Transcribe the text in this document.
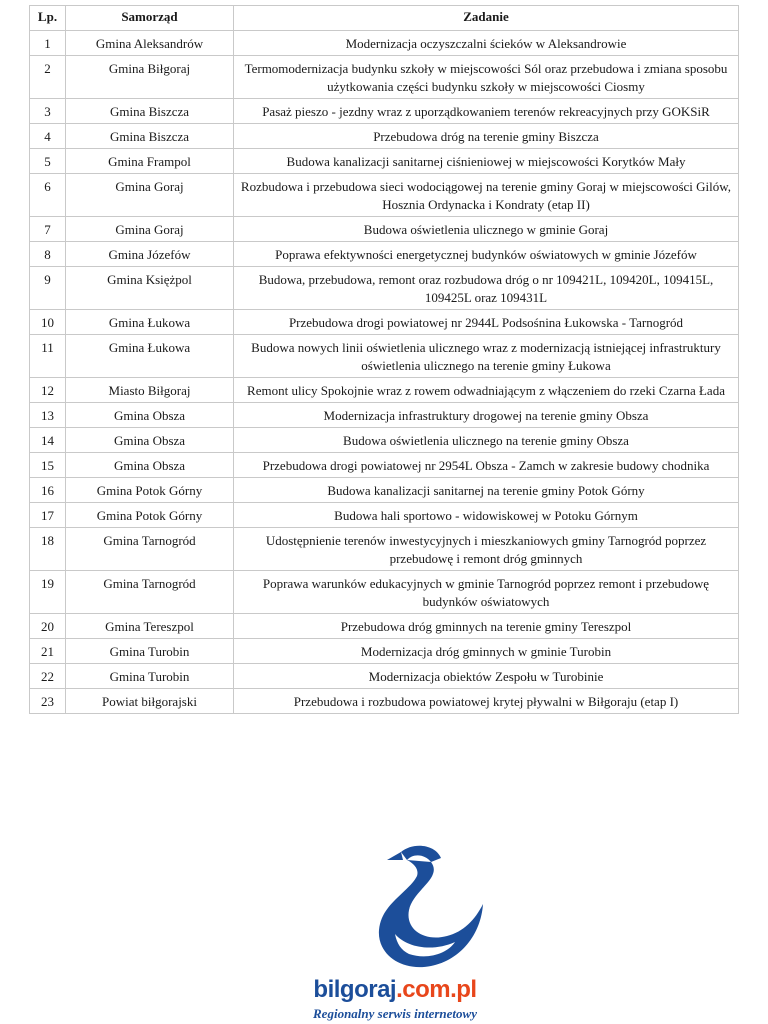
Lp.	Samorząd	Zadanie
1	Gmina Aleksandrów	Modernizacja oczyszczalni ścieków w Aleksandrowie
2	Gmina Biłgoraj	Termomodernizacja budynku szkoły w miejscowości Sól oraz przebudowa i zmiana sposobu użytkowania części budynku szkoły w miejscowości Ciosmy
3	Gmina Biszcza	Pasaż pieszo - jezdny wraz z uporządkowaniem terenów rekreacyjnych przy GOKSiR
4	Gmina Biszcza	Przebudowa dróg na terenie gminy Biszcza
5	Gmina Frampol	Budowa kanalizacji sanitarnej ciśnieniowej w miejscowości Korytków Mały
6	Gmina Goraj	Rozbudowa i przebudowa sieci wodociągowej na terenie gminy Goraj w miejscowości Gilów, Hosznia Ordynacka i Kondraty (etap II)
7	Gmina Goraj	Budowa oświetlenia ulicznego w gminie Goraj
8	Gmina Józefów	Poprawa efektywności energetycznej budynków oświatowych w gminie Józefów
9	Gmina Księżpol	Budowa, przebudowa, remont oraz rozbudowa dróg o nr 109421L, 109420L, 109415L, 109425L oraz 109431L
10	Gmina Łukowa	Przebudowa drogi powiatowej nr 2944L Podsośnina Łukowska - Tarnogród
11	Gmina Łukowa	Budowa nowych linii oświetlenia ulicznego wraz z modernizacją istniejącej infrastruktury oświetlenia ulicznego na terenie gminy Łukowa
12	Miasto Biłgoraj	Remont ulicy Spokojnie wraz z rowem odwadniającym z włączeniem do rzeki Czarna Łada
13	Gmina Obsza	Modernizacja infrastruktury drogowej na terenie gminy Obsza
14	Gmina Obsza	Budowa oświetlenia ulicznego na terenie gminy Obsza
15	Gmina Obsza	Przebudowa drogi powiatowej nr 2954L Obsza - Zamch w zakresie budowy chodnika
16	Gmina Potok Górny	Budowa kanalizacji sanitarnej na terenie gminy Potok Górny
17	Gmina Potok Górny	Budowa hali sportowo - widowiskowej w Potoku Górnym
18	Gmina Tarnogród	Udostępnienie terenów inwestycyjnych i mieszkaniowych gminy Tarnogród poprzez przebudowę i remont dróg gminnych
19	Gmina Tarnogród	Poprawa warunków edukacyjnych w gminie Tarnogród poprzez remont i przebudowę budynków oświatowych
20	Gmina Tereszpol	Przebudowa dróg gminnych na terenie gminy Tereszpol
21	Gmina Turobin	Modernizacja dróg gminnych w gminie Turobin
22	Gmina Turobin	Modernizacja obiektów Zespołu w Turobinie
23	Powiat biłgorajski	Przebudowa i rozbudowa powiatowej krytej pływalni w Biłgoraju (etap I)
bilgoraj.com.pl
Regionalny serwis internetowy
